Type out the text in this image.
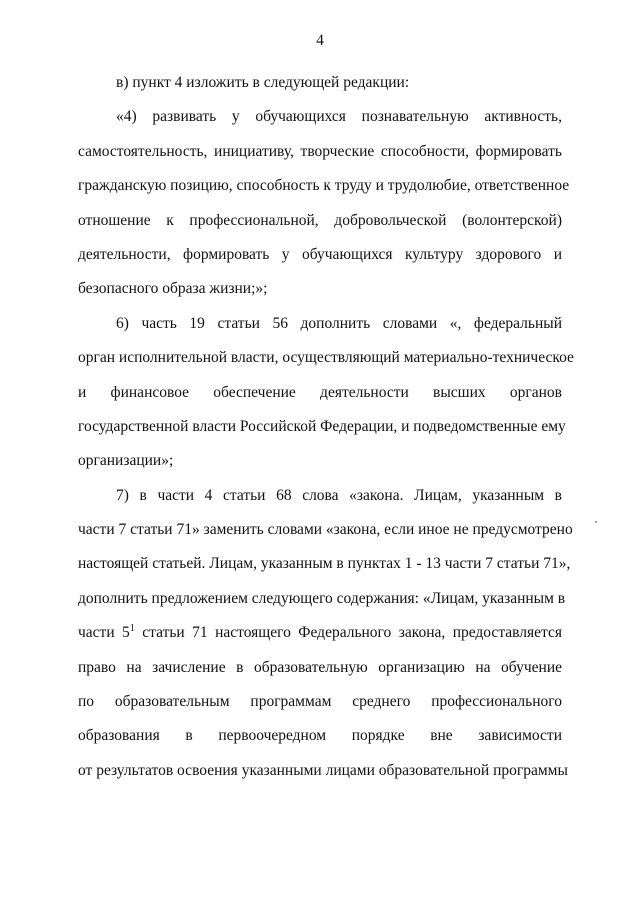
4
в) пункт 4 изложить в следующей редакции:
«4) развивать у обучающихся познавательную активность,
самостоятельность, инициативу, творческие способности, формировать
гражданскую позицию, способность к труду и трудолюбие, ответственное
отношение к профессиональной, добровольческой (волонтерской)
деятельности, формировать у обучающихся культуру здорового и
безопасного образа жизни;»;
6) часть 19 статьи 56 дополнить словами «, федеральный
орган исполнительной власти, осуществляющий материально-техническое
и финансовое обеспечение деятельности высших органов
государственной власти Российской Федерации, и подведомственные ему
организации»;
7) в части 4 статьи 68 слова «закона. Лицам, указанным в
части 7 статьи 71» заменить словами «закона, если иное не предусмотрено
настоящей статьей. Лицам, указанным в пунктах 1 - 13 части 7 статьи 71»,
дополнить предложением следующего содержания: «Лицам, указанным в
части $5^1$ статьи 71 настоящего Федерального закона, предоставляется
право на зачисление в образовательную организацию на обучение
по образовательным программам среднего профессионального
образования в первоочередном порядке вне зависимости
от результатов освоения указанными лицами образовательной программы
